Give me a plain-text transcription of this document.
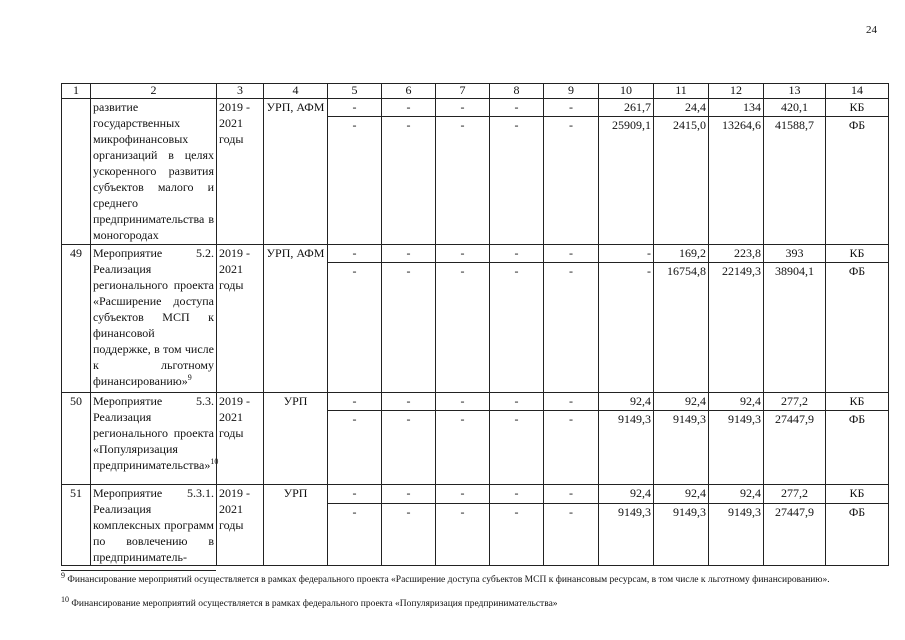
24
1	2	3	4	5	6	7	8	9	10	11	12	13	14
	развитие государственных микрофинансовых организаций в целях ускоренного развития субъектов малого и среднего предпринимательства в моногородах	2019 - 2021 годы	УРП, АФМ	-	-	-	-	-	261,7	24,4	134	420,1	КБ
				-	-	-	-	-	25909,1	2415,0	13264,6	41588,7	ФБ
49	Мероприятие 5.2. Реализация регионального проекта «Расширение доступа субъектов МСП к финансовой поддержке, в том числе к льготному финансированию»$^9$	2019 - 2021 годы	УРП, АФМ	-	-	-	-	-	-	169,2	223,8	393	КБ
				-	-	-	-	-	-	16754,8	22149,3	38904,1	ФБ
50	Мероприятие 5.3. Реализация регионального проекта «Популяризация предпринимательства»$^{10}$	2019 - 2021 годы	УРП	-	-	-	-	-	92,4	92,4	92,4	277,2	КБ
				-	-	-	-	-	9149,3	9149,3	9149,3	27447,9	ФБ
51	Мероприятие 5.3.1. Реализация комплексных программ по вовлечению в предприниматель-	2019 - 2021 годы	УРП	-	-	-	-	-	92,4	92,4	92,4	277,2	КБ
				-	-	-	-	-	9149,3	9149,3	9149,3	27447,9	ФБ
$^9$ Финансирование мероприятий осуществляется в рамках федерального проекта «Расширение доступа субъектов МСП к финансовым ресурсам, в том числе к льготному финансированию».
$^{10}$ Финансирование мероприятий осуществляется в рамках федерального проекта «Популяризация предпринимательства»
